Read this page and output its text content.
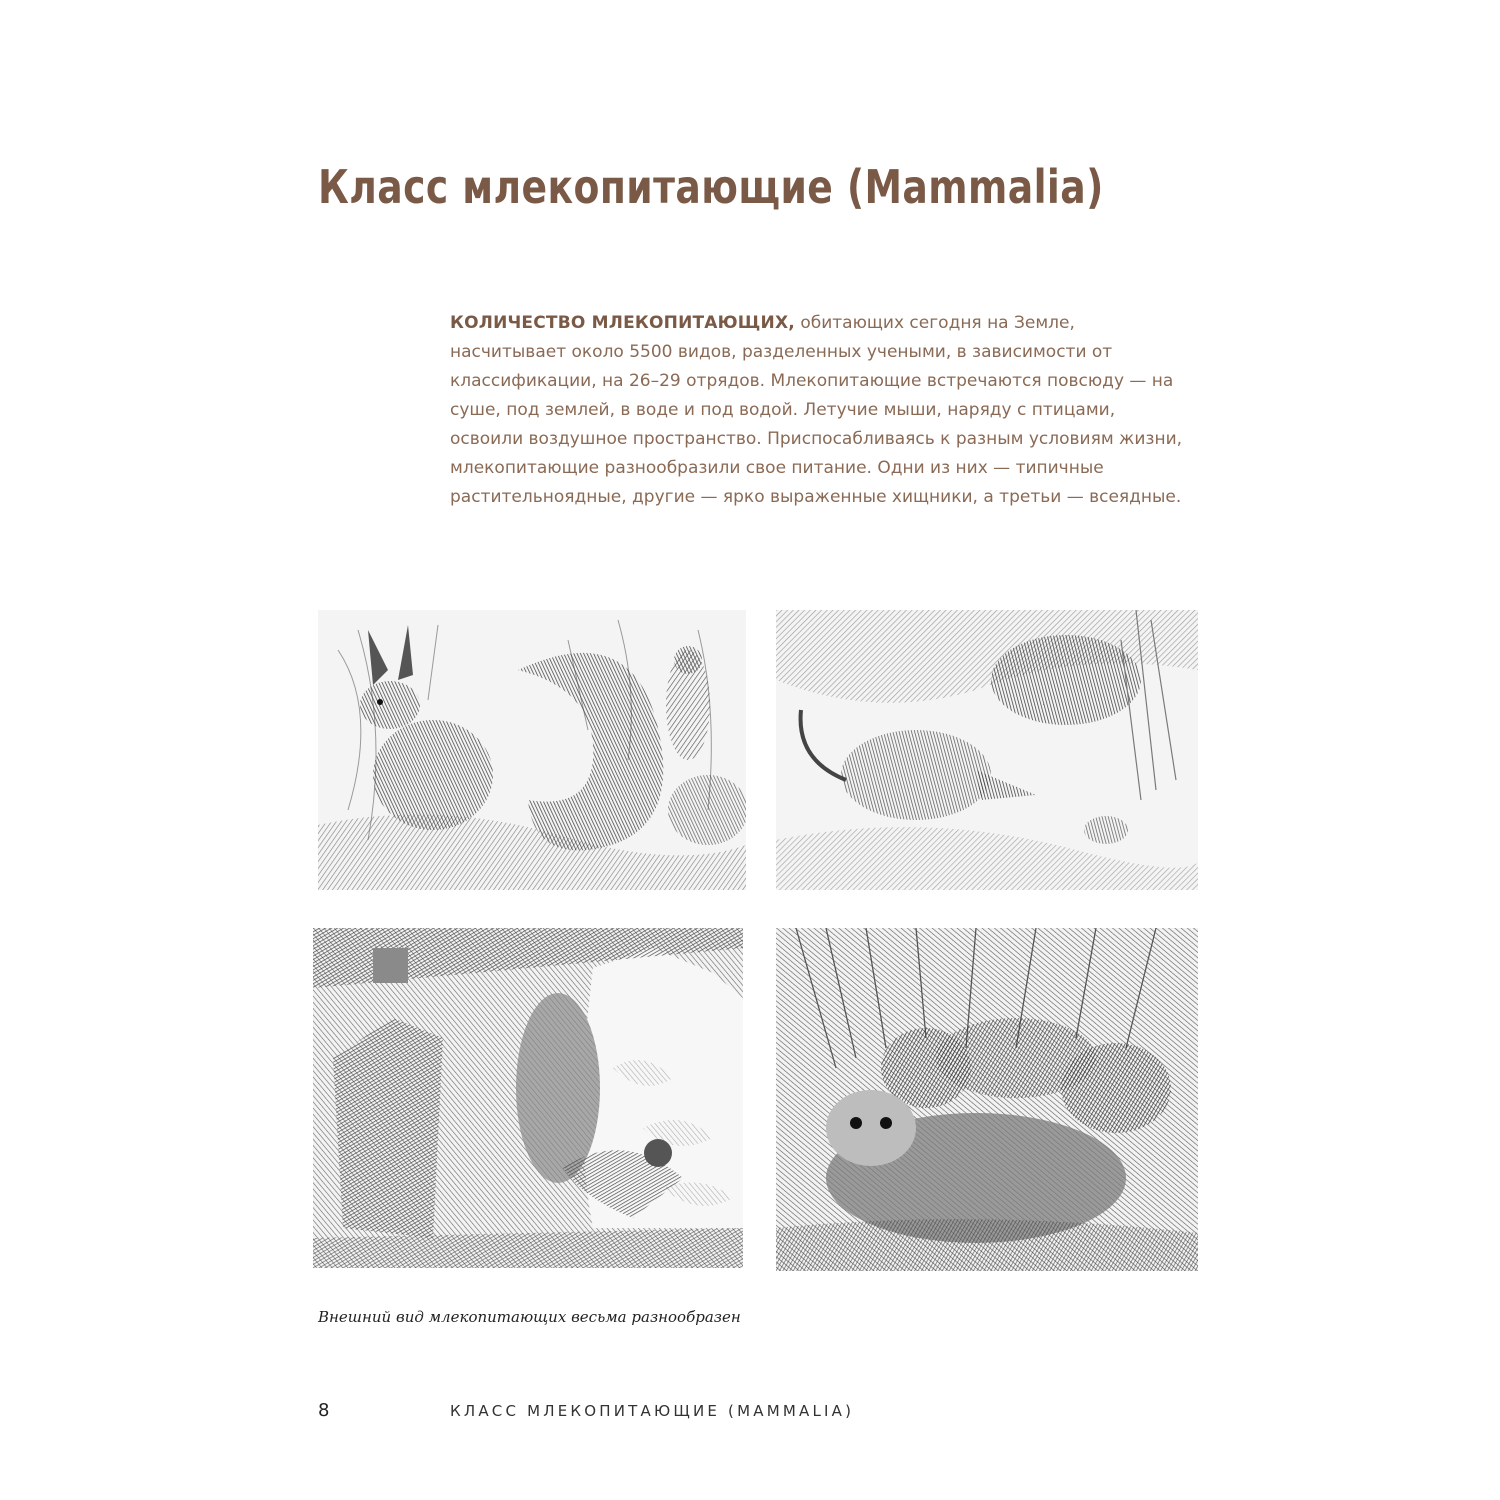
Класс млекопитающие (Mammalia)

КОЛИЧЕСТВО МЛЕКОПИТАЮЩИХ, обитающих сегодня на Земле, насчитывает около 5500 видов, разделенных учеными, в зависимости от классификации, на 26–29 отрядов. Млекопитающие встречаются повсюду — на суше, под землей, в воде и под водой. Летучие мыши, наряду с птицами, освоили воздушное пространство. Приспосабливаясь к разным условиям жизни, млекопитающие разнообразили свое питание. Одни из них — типичные растительноядные, другие — ярко выраженные хищники, а третьи — всеядные.

Внешний вид млекопитающих весьма разнообразен

8	КЛАСС МЛЕКОПИТАЮЩИЕ (MAMMALIA)
